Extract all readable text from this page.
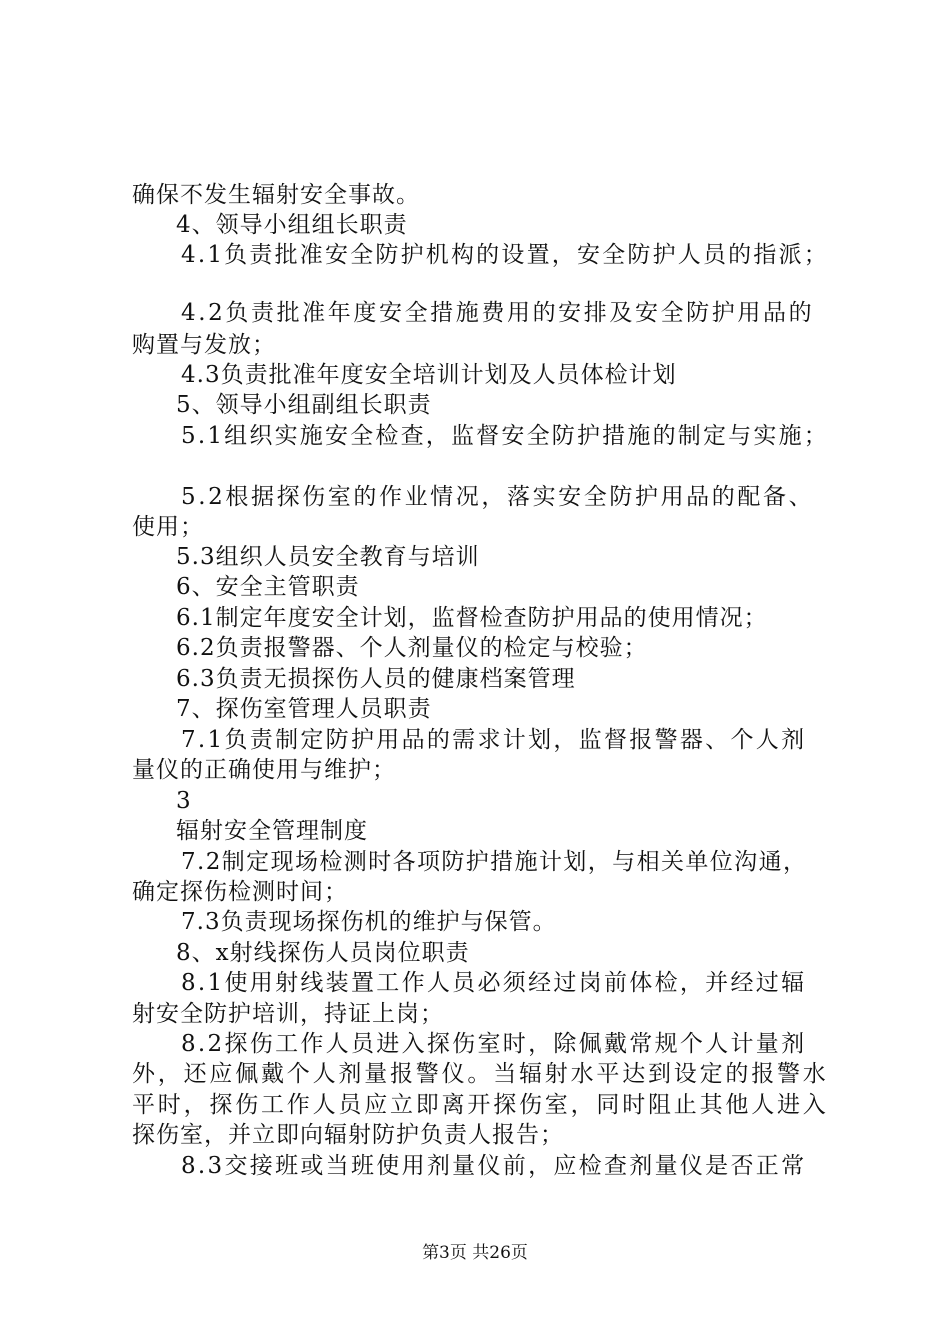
确保不发生辐射安全事故。
4、领导小组组长职责
4.1负责批准安全防护机构的设置，安全防护人员的指派；
4.2负责批准年度安全措施费用的安排及安全防护用品的
购置与发放；
4.3负责批准年度安全培训计划及人员体检计划
5、领导小组副组长职责
5.1组织实施安全检查，监督安全防护措施的制定与实施；
5.2根据探伤室的作业情况，落实安全防护用品的配备、
使用；
5.3组织人员安全教育与培训
6、安全主管职责
6.1制定年度安全计划，监督检查防护用品的使用情况；
6.2负责报警器、个人剂量仪的检定与校验；
6.3负责无损探伤人员的健康档案管理
7、探伤室管理人员职责
7.1负责制定防护用品的需求计划，监督报警器、个人剂
量仪的正确使用与维护；
3
辐射安全管理制度
7.2制定现场检测时各项防护措施计划，与相关单位沟通，
确定探伤检测时间；
7.3负责现场探伤机的维护与保管。
8、x射线探伤人员岗位职责
8.1使用射线装置工作人员必须经过岗前体检，并经过辐
射安全防护培训，持证上岗；
8.2探伤工作人员进入探伤室时，除佩戴常规个人计量剂
外，还应佩戴个人剂量报警仪。当辐射水平达到设定的报警水
平时，探伤工作人员应立即离开探伤室，同时阻止其他人进入
探伤室，并立即向辐射防护负责人报告；
8.3交接班或当班使用剂量仪前，应检查剂量仪是否正常
第3页 共26页
